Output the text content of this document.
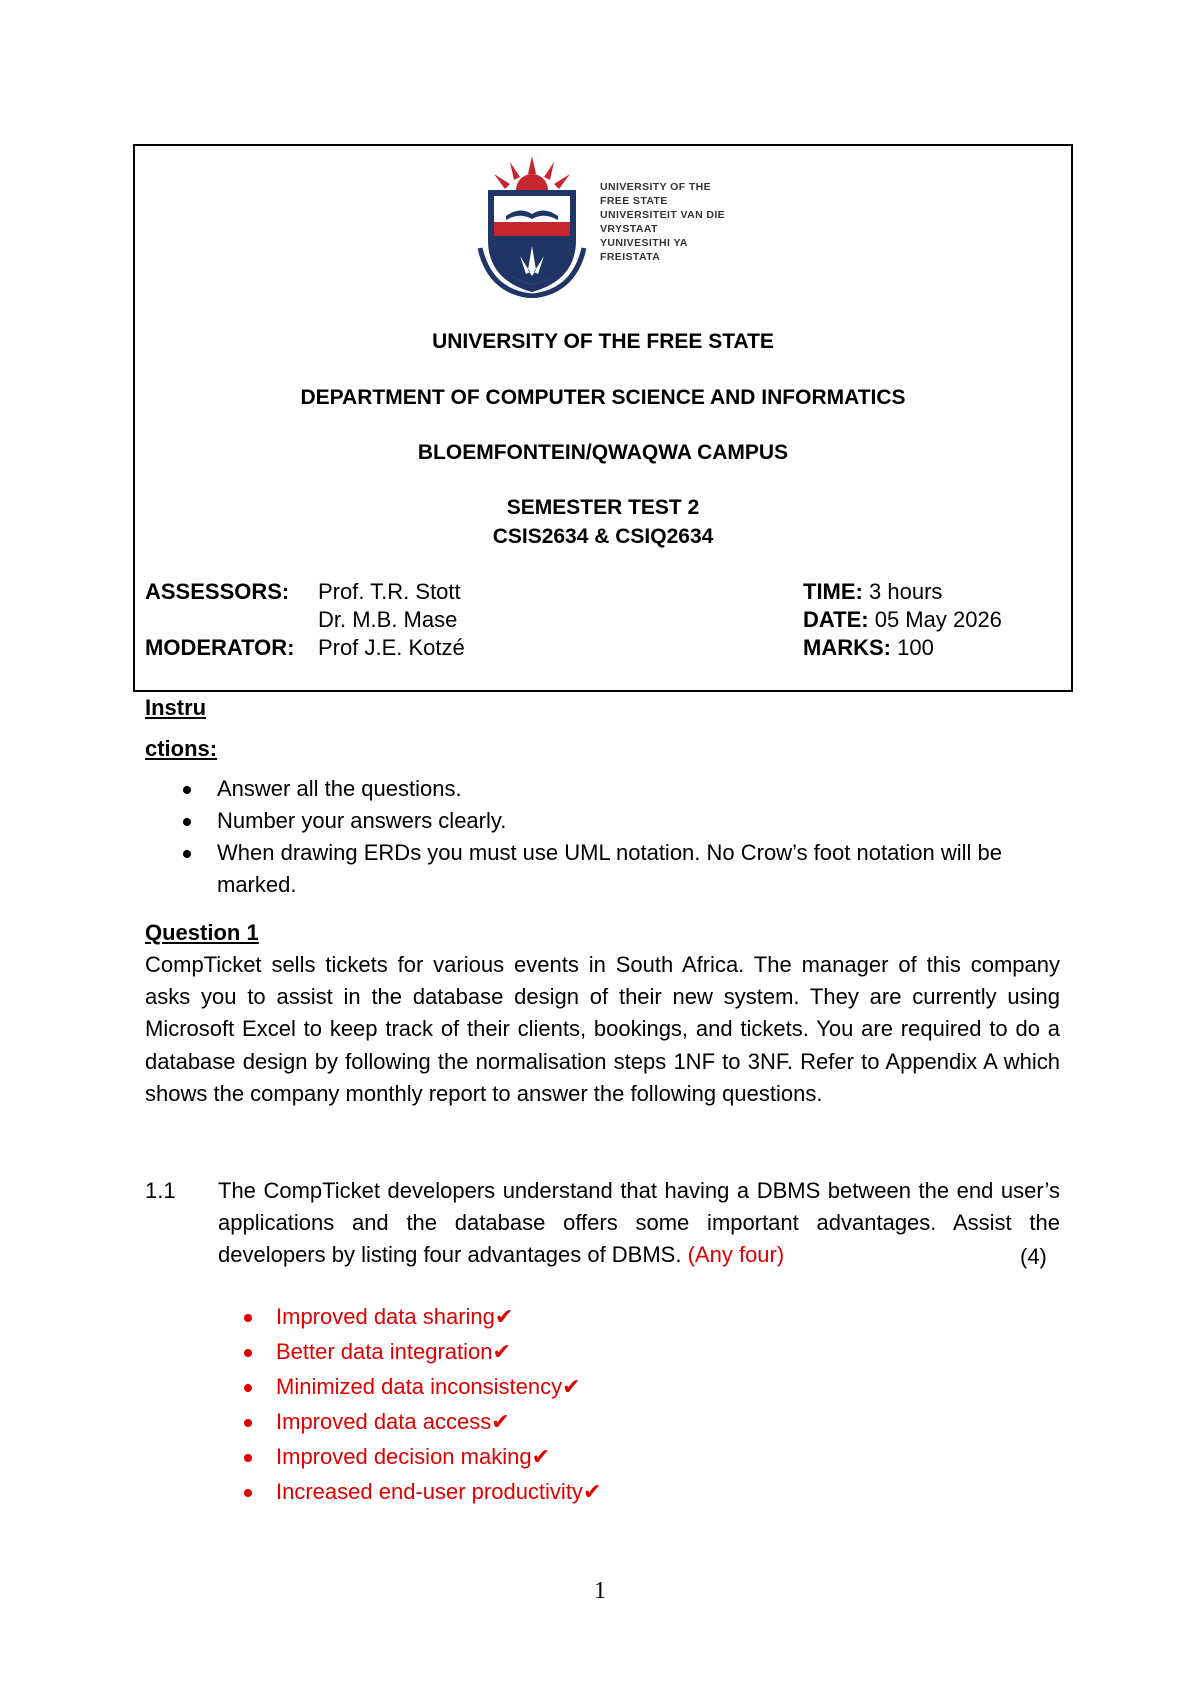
UNIVERSITY OF THE
FREE STATE
UNIVERSITEIT VAN DIE
VRYSTAAT
YUNIVESITHI YA
FREISTATA
UNIVERSITY OF THE FREE STATE
DEPARTMENT OF COMPUTER SCIENCE AND INFORMATICS
BLOEMFONTEIN/QWAQWA CAMPUS
SEMESTER TEST 2
CSIS2634 & CSIQ2634
ASSESSORS: Prof. T.R. Stott
Dr. M.B. Mase
MODERATOR: Prof J.E. Kotzé
TIME: 3 hours
DATE: 05 May 2026
MARKS: 100
Instru
ctions:
Answer all the questions.
Number your answers clearly.
When drawing ERDs you must use UML notation. No Crow’s foot notation will be marked.
Question 1
CompTicket sells tickets for various events in South Africa. The manager of this company asks you to assist in the database design of their new system. They are currently using Microsoft Excel to keep track of their clients, bookings, and tickets. You are required to do a database design by following the normalisation steps 1NF to 3NF. Refer to Appendix A which shows the company monthly report to answer the following questions.
1.1	The CompTicket developers understand that having a DBMS between the end user’s applications and the database offers some important advantages. Assist the developers by listing four advantages of DBMS. (Any four)	(4)
Improved data sharing✔
Better data integration✔
Minimized data inconsistency✔
Improved data access✔
Improved decision making✔
Increased end-user productivity✔
1
